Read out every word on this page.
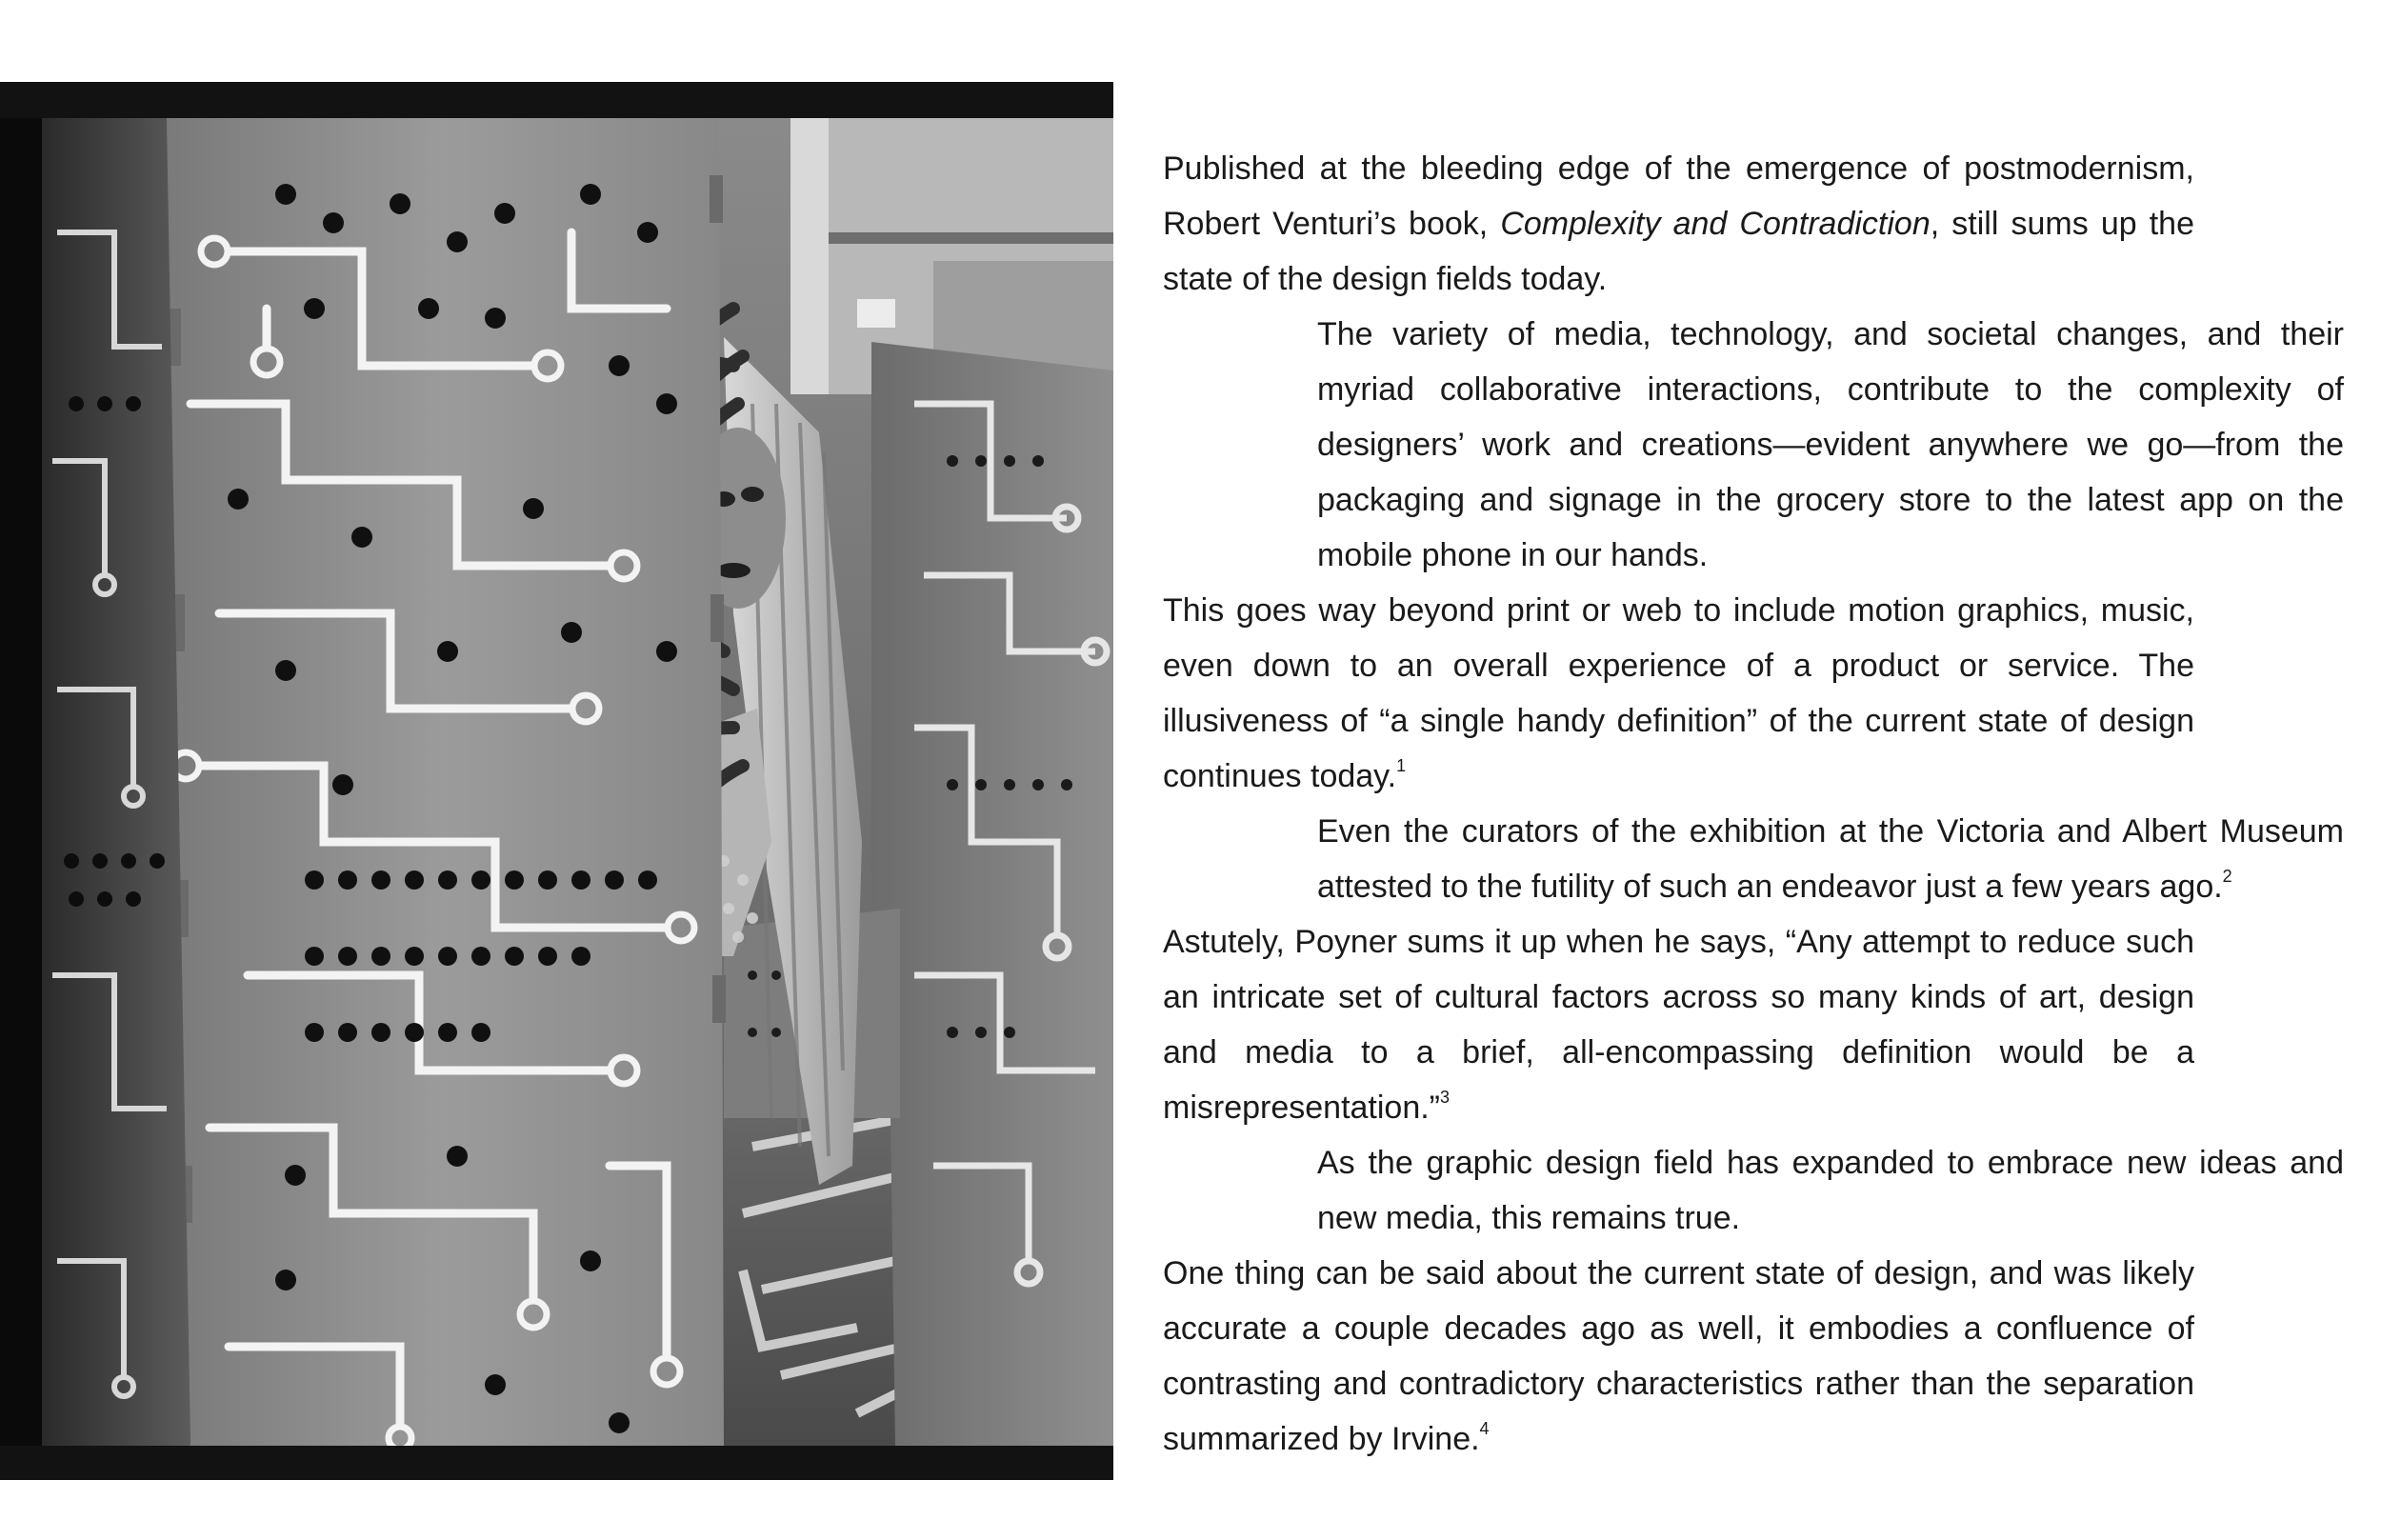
Published at the bleeding edge of the emergence of postmodernism, Robert Venturi’s book, Complexity and Contradiction, still sums up the state of the design fields today.

The variety of media, technology, and societal changes, and their myriad collaborative interactions, contribute to the complexity of designers’ work and creations—evident anywhere we go—from the packaging and signage in the grocery store to the latest app on the mobile phone in our hands.

This goes way beyond print or web to include motion graphics, music, even down to an overall experience of a product or service. The illusiveness of “a single handy definition” of the current state of design continues today.$^1$

Even the curators of the exhibition at the Victoria and Albert Museum attested to the futility of such an endeavor just a few years ago.$^2$

Astutely, Poyner sums it up when he says, “Any attempt to reduce such an intricate set of cultural factors across so many kinds of art, design and media to a brief, all-encompassing definition would be a misrepresentation.”$^3$

As the graphic design field has expanded to embrace new ideas and new media, this remains true.

One thing can be said about the current state of design, and was likely accurate a couple decades ago as well, it embodies a confluence of contrasting and contradictory characteristics rather than the separation summarized by Irvine.$^4$
